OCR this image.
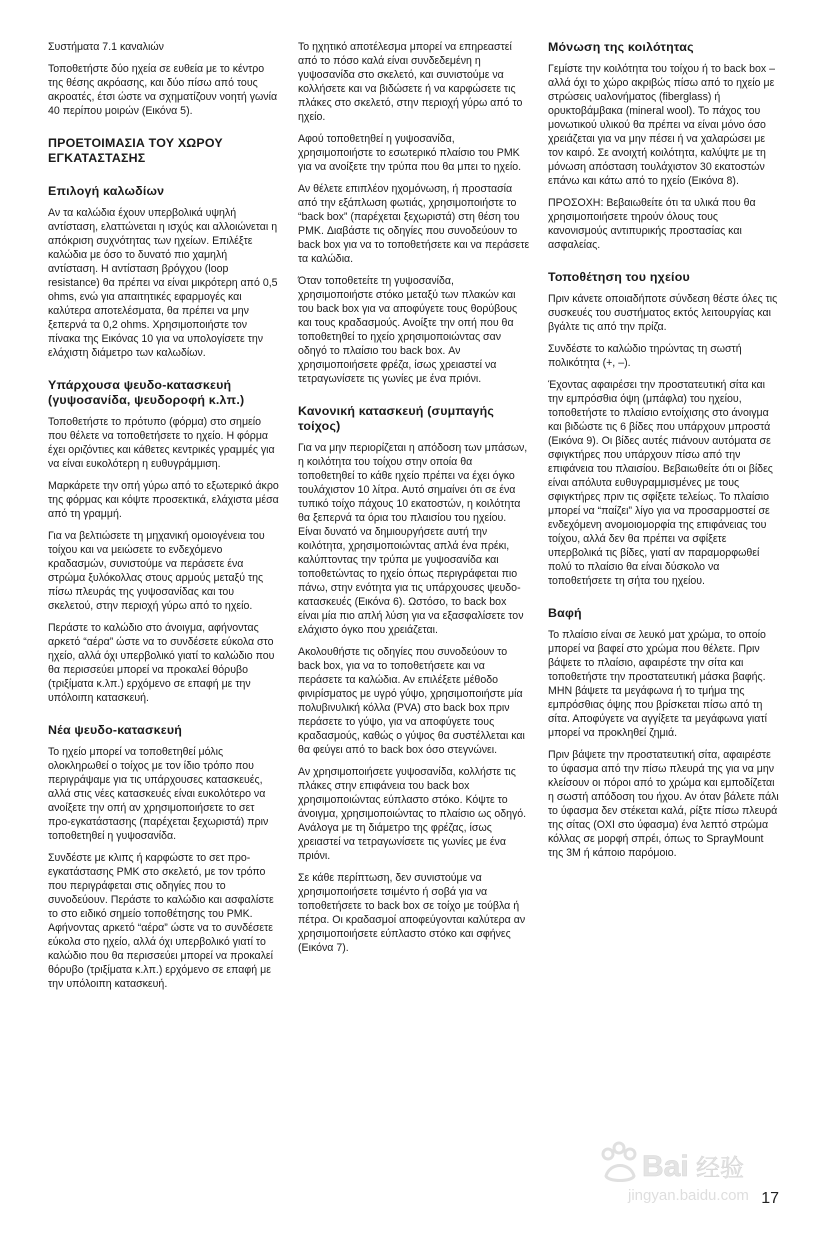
Συστήματα 7.1 καναλιών

Τοποθετήστε δύο ηχεία σε ευθεία με το κέντρο της θέσης ακρόασης, και δύο πίσω από τους ακροατές, έτσι ώστε να σχηματίζουν νοητή γωνία 40 περίπου μοιρών (Εικόνα 5).

ΠΡΟΕΤΟΙΜΑΣΙΑ ΤΟΥ ΧΩΡΟΥ ΕΓΚΑΤΑΣΤΑΣΗΣ
Επιλογή καλωδίων

Αν τα καλώδια έχουν υπερβολικά υψηλή αντίσταση, ελαττώνεται η ισχύς και αλλοιώνεται η απόκριση συχνότητας των ηχείων. Επιλέξτε καλώδια με όσο το δυνατό πιο χαμηλή αντίσταση. Η αντίσταση βρόγχου (loop resistance) θα πρέπει να είναι μικρότερη από 0,5 ohms, ενώ για απαιτητικές εφαρμογές και καλύτερα αποτελέσματα, θα πρέπει να μην ξεπερνά τα 0,2 ohms. Χρησιμοποιήστε τον πίνακα της Εικόνας 10 για να υπολογίσετε την ελάχιστη διάμετρο των καλωδίων.

Υπάρχουσα ψευδο-κατασκευή (γυψοσανίδα, ψευδοροφή κ.λπ.)

Τοποθετήστε το πρότυπο (φόρμα) στο σημείο που θέλετε να τοποθετήσετε το ηχείο. Η φόρμα έχει οριζόντιες και κάθετες κεντρικές γραμμές για να είναι ευκολότερη η ευθυγράμμιση.

Μαρκάρετε την οπή γύρω από το εξωτερικό άκρο της φόρμας και κόψτε προσεκτικά, ελάχιστα μέσα από τη γραμμή.

Για να βελτιώσετε τη μηχανική ομοιογένεια του τοίχου και να μειώσετε το ενδεχόμενο κραδασμών, συνιστούμε να περάσετε ένα στρώμα ξυλόκολλας στους αρμούς μεταξύ της πίσω πλευράς της γυψοσανίδας και του σκελετού, στην περιοχή γύρω από το ηχείο.

Περάστε το καλώδιο στο άνοιγμα, αφήνοντας αρκετό “αέρα” ώστε να το συνδέσετε εύκολα στο ηχείο, αλλά όχι υπερβολικό γιατί το καλώδιο που θα περισσεύει μπορεί να προκαλεί θόρυβο (τριξίματα κ.λπ.) ερχόμενο σε επαφή με την υπόλοιπη κατασκευή.

Νέα ψευδο-κατασκευή

Το ηχείο μπορεί να τοποθετηθεί μόλις ολοκληρωθεί ο τοίχος με τον ίδιο τρόπο που περιγράψαμε για τις υπάρχουσες κατασκευές, αλλά στις νέες κατασκευές είναι ευκολότερο να ανοίξετε την οπή αν χρησιμοποιήσετε το σετ προ-εγκατάστασης (παρέχεται ξεχωριστά) πριν τοποθετηθεί η γυψοσανίδα.

Συνδέστε με κλιπς ή καρφώστε το σετ προ-εγκατάστασης PMK στο σκελετό, με τον τρόπο που περιγράφεται στις οδηγίες που το συνοδεύουν. Περάστε το καλώδιο και ασφαλίστε το στο ειδικό σημείο τοποθέτησης του PMK. Αφήνοντας αρκετό “αέρα” ώστε να το συνδέσετε εύκολα στο ηχείο, αλλά όχι υπερβολικό γιατί το καλώδιο που θα περισσεύει μπορεί να προκαλεί θόρυβο (τριξίματα κ.λπ.) ερχόμενο σε επαφή με την υπόλοιπη κατασκευή.

Το ηχητικό αποτέλεσμα μπορεί να επηρεαστεί από το πόσο καλά είναι συνδεδεμένη η γυψοσανίδα στο σκελετό, και συνιστούμε να κολλήσετε και να βιδώσετε ή να καρφώσετε τις πλάκες στο σκελετό, στην περιοχή γύρω από το ηχείο.

Αφού τοποθετηθεί η γυψοσανίδα, χρησιμοποιήστε το εσωτερικό πλαίσιο του PMK για να ανοίξετε την τρύπα που θα μπει το ηχείο.

Αν θέλετε επιπλέον ηχομόνωση, ή προστασία από την εξάπλωση φωτιάς, χρησιμοποιήστε το “back box” (παρέχεται ξεχωριστά) στη θέση του PMK. Διαβάστε τις οδηγίες που συνοδεύουν το back box για να το τοποθετήσετε και να περάσετε τα καλώδια.

Όταν τοποθετείτε τη γυψοσανίδα, χρησιμοποιήστε στόκο μεταξύ των πλακών και του back box για να αποφύγετε τους θορύβους και τους κραδασμούς. Ανοίξτε την οπή που θα τοποθετηθεί το ηχείο χρησιμοποιώντας σαν οδηγό το πλαίσιο του back box. Αν χρησιμοποιήσετε φρέζα, ίσως χρειαστεί να τετραγωνίσετε τις γωνίες με ένα πριόνι.

Κανονική κατασκευή (συμπαγής τοίχος)

Για να μην περιορίζεται η απόδοση των μπάσων, η κοιλότητα του τοίχου στην οποία θα τοποθετηθεί το κάθε ηχείο πρέπει να έχει όγκο τουλάχιστον 10 λίτρα. Αυτό σημαίνει ότι σε ένα τυπικό τοίχο πάχους 10 εκατοστών, η κοιλότητα θα ξεπερνά τα όρια του πλαισίου του ηχείου. Είναι δυνατό να δημιουργήσετε αυτή την κοιλότητα, χρησιμοποιώντας απλά ένα πρέκι, καλύπτοντας την τρύπα με γυψοσανίδα και τοποθετώντας το ηχείο όπως περιγράφεται πιο πάνω, στην ενότητα για τις υπάρχουσες ψευδο-κατασκευές (Εικόνα 6). Ωστόσο, το back box είναι μία πιο απλή λύση για να εξασφαλίσετε τον ελάχιστο όγκο που χρειάζεται.

Ακολουθήστε τις οδηγίες που συνοδεύουν το back box, για να το τοποθετήσετε και να περάσετε τα καλώδια. Αν επιλέξετε μέθοδο φινιρίσματος με υγρό γύψο, χρησιμοποιήστε μία πολυβινυλική κόλλα (PVA) στο back box πριν περάσετε το γύψο, για να αποφύγετε τους κραδασμούς, καθώς ο γύψος θα συστέλλεται και θα φεύγει από το back box όσο στεγνώνει.

Αν χρησιμοποιήσετε γυψοσανίδα, κολλήστε τις πλάκες στην επιφάνεια του back box χρησιμοποιώντας εύπλαστο στόκο. Κόψτε το άνοιγμα, χρησιμοποιώντας το πλαίσιο ως οδηγό. Ανάλογα με τη διάμετρο της φρέζας, ίσως χρειαστεί να τετραγωνίσετε τις γωνίες με ένα πριόνι.

Σε κάθε περίπτωση, δεν συνιστούμε να χρησιμοποιήσετε τσιμέντο ή σοβά για να τοποθετήσετε το back box σε τοίχο με τούβλα ή πέτρα. Οι κραδασμοί αποφεύγονται καλύτερα αν χρησιμοποιήσετε εύπλαστο στόκο και σφήνες (Εικόνα 7).

Μόνωση της κοιλότητας

Γεμίστε την κοιλότητα του τοίχου ή το back box – αλλά όχι το χώρο ακριβώς πίσω από το ηχείο με στρώσεις υαλονήματος (fiberglass) ή ορυκτοβάμβακα (mineral wool). Το πάχος του μονωτικού υλικού θα πρέπει να είναι μόνο όσο χρειάζεται για να μην πέσει ή να χαλαρώσει με τον καιρό. Σε ανοιχτή κοιλότητα, καλύψτε με τη μόνωση απόσταση τουλάχιστον 30 εκατοστών επάνω και κάτω από το ηχείο (Εικόνα 8).

ΠΡΟΣΟΧΗ: Βεβαιωθείτε ότι τα υλικά που θα χρησιμοποιήσετε τηρούν όλους τους κανονισμούς αντιπυρικής προστασίας και ασφαλείας.

Τοποθέτηση του ηχείου

Πριν κάνετε οποιαδήποτε σύνδεση θέστε όλες τις συσκευές του συστήματος εκτός λειτουργίας και βγάλτε τις από την πρίζα.

Συνδέστε το καλώδιο τηρώντας τη σωστή πολικότητα (+, –).

Έχοντας αφαιρέσει την προστατευτική σίτα και την εμπρόσθια όψη (μπάφλα) του ηχείου, τοποθετήστε το πλαίσιο εντοίχισης στο άνοιγμα και βιδώστε τις 6 βίδες που υπάρχουν μπροστά (Εικόνα 9). Οι βίδες αυτές πιάνουν αυτόματα σε σφιγκτήρες που υπάρχουν πίσω από την επιφάνεια του πλαισίου. Βεβαιωθείτε ότι οι βίδες είναι απόλυτα ευθυγραμμισμένες με τους σφιγκτήρες πριν τις σφίξετε τελείως. Το πλαίσιο μπορεί να “παίζει” λίγο για να προσαρμοστεί σε ενδεχόμενη ανομοιομορφία της επιφάνειας του τοίχου, αλλά δεν θα πρέπει να σφίξετε υπερβολικά τις βίδες, γιατί αν παραμορφωθεί πολύ το πλαίσιο θα είναι δύσκολο να τοποθετήσετε τη σήτα του ηχείου.

Βαφή

Το πλαίσιο είναι σε λευκό ματ χρώμα, το οποίο μπορεί να βαφεί στο χρώμα που θέλετε. Πριν βάψετε το πλαίσιο, αφαιρέστε την σίτα και τοποθετήστε την προστατευτική μάσκα βαφής. ΜΗΝ βάψετε τα μεγάφωνα ή το τμήμα της εμπρόσθιας όψης που βρίσκεται πίσω από τη σίτα. Αποφύγετε να αγγίξετε τα μεγάφωνα γιατί μπορεί να προκληθεί ζημιά.

Πριν βάψετε την προστατευτική σίτα, αφαιρέστε το ύφασμα από την πίσω πλευρά της για να μην κλείσουν οι πόροι από το χρώμα και εμποδίζεται η σωστή απόδοση του ήχου. Αν όταν βάλετε πάλι το ύφασμα δεν στέκεται καλά, ρίξτε πίσω πλευρά της σίτας (ΟΧΙ στο ύφασμα) ένα λεπτό στρώμα κόλλας σε μορφή σπρέι, όπως το SprayMount της 3M ή κάποιο παρόμοιο.

Bai 经验
jingyan.baidu.com 17
